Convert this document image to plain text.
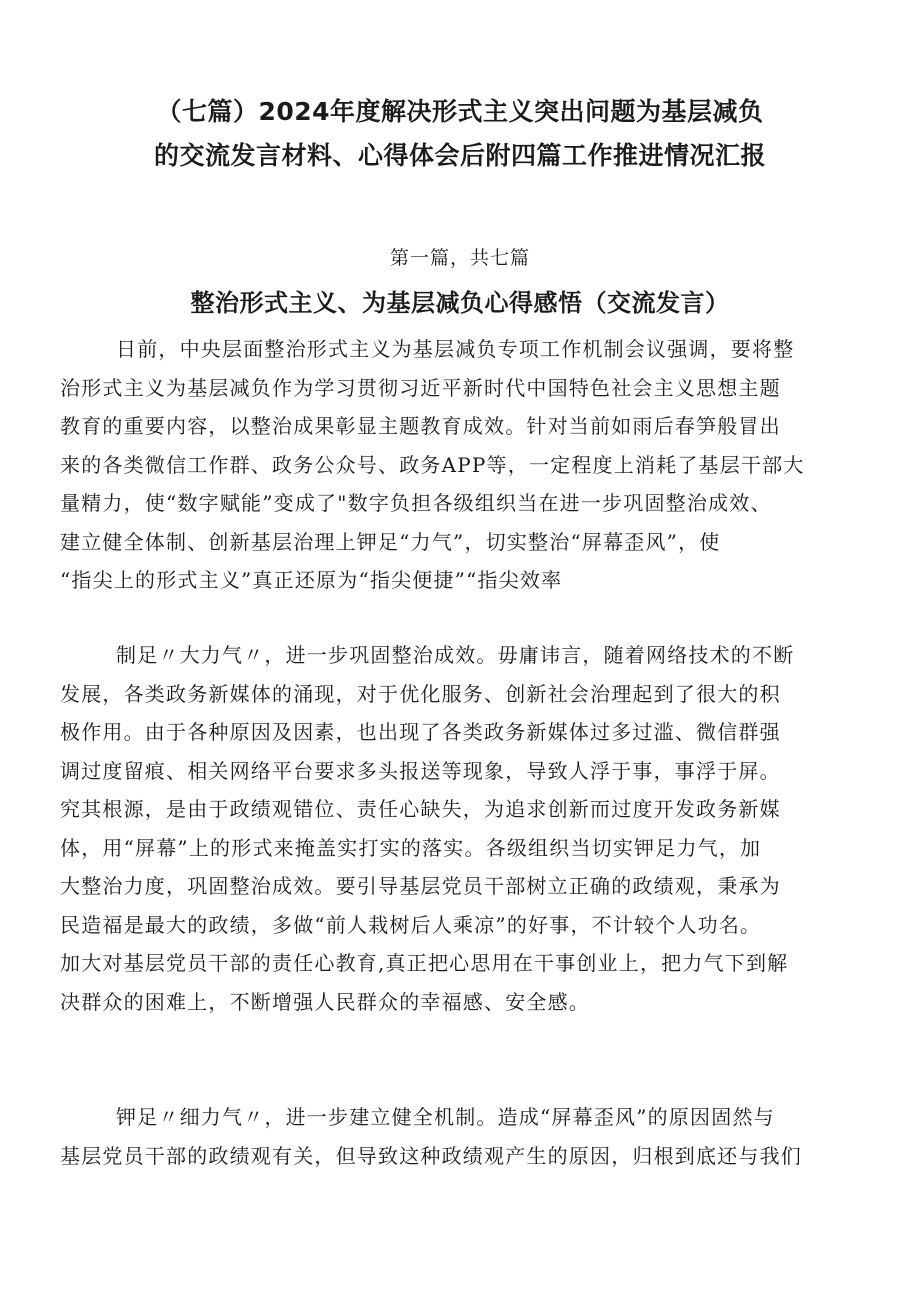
（七篇）2024年度解决形式主义突出问题为基层减负
的交流发言材料、心得体会后附四篇工作推进情况汇报
第一篇，共七篇
整治形式主义、为基层减负心得感悟（交流发言）
日前，中央层面整治形式主义为基层减负专项工作机制会议强调，要将整
治形式主义为基层减负作为学习贯彻习近平新时代中国特色社会主义思想主题
教育的重要内容，以整治成果彰显主题教育成效。针对当前如雨后春笋般冒出
来的各类微信工作群、政务公众号、政务APP等，一定程度上消耗了基层干部大
量精力，使“数字赋能”变成了"数字负担各级组织当在进一步巩固整治成效、
建立健全体制、创新基层治理上钾足“力气”，切实整治“屏幕歪风”，使
“指尖上的形式主义”真正还原为“指尖便捷”“指尖效率
制足〃大力气〃，进一步巩固整治成效。毋庸讳言，随着网络技术的不断
发展，各类政务新媒体的涌现，对于优化服务、创新社会治理起到了很大的积
极作用。由于各种原因及因素，也出现了各类政务新媒体过多过滥、微信群强
调过度留痕、相关网络平台要求多头报送等现象，导致人浮于事，事浮于屏。
究其根源，是由于政绩观错位、责任心缺失，为追求创新而过度开发政务新媒
体，用“屏幕”上的形式来掩盖实打实的落实。各级组织当切实钾足力气，加
大整治力度，巩固整治成效。要引导基层党员干部树立正确的政绩观，秉承为
民造福是最大的政绩，多做“前人栽树后人乘凉”的好事，不计较个人功名。
加大对基层党员干部的责任心教育,真正把心思用在干事创业上，把力气下到解
决群众的困难上，不断增强人民群众的幸福感、安全感。
钾足〃细力气〃，进一步建立健全机制。造成“屏幕歪风”的原因固然与
基层党员干部的政绩观有关，但导致这种政绩观产生的原因，归根到底还与我们
